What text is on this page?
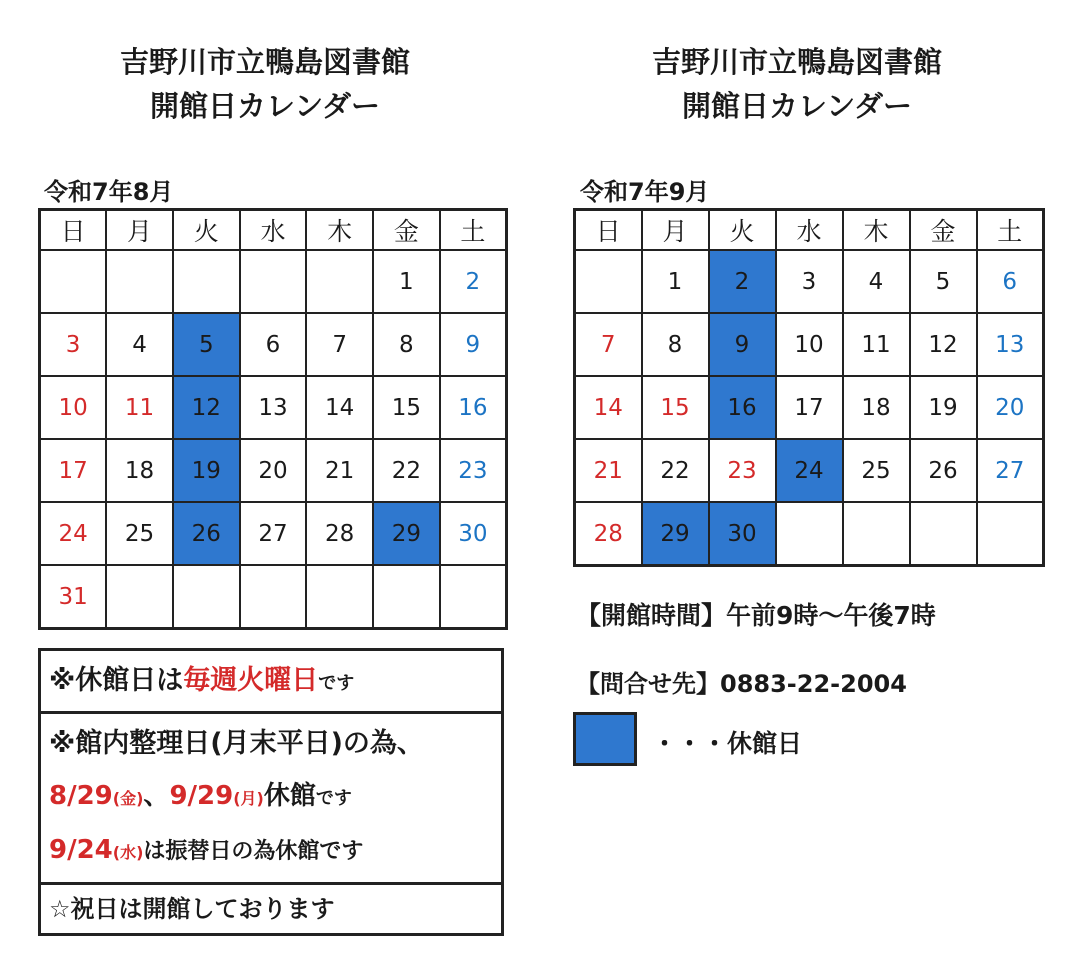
吉野川市立鴨島図書館
開館日カレンダー
令和7年8月
日	月	火	水	木	金	土
					1	2
3	4	5	6	7	8	9
10	11	12	13	14	15	16
17	18	19	20	21	22	23
24	25	26	27	28	29	30
31						
吉野川市立鴨島図書館
開館日カレンダー
令和7年9月
日	月	火	水	木	金	土
	1	2	3	4	5	6
7	8	9	10	11	12	13
14	15	16	17	18	19	20
21	22	23	24	25	26	27
28	29	30				
※休館日は毎週火曜日です
※館内整理日(月末平日)の為、
8/29(金)、9/29(月)休館です
9/24(水)は振替日の為休館です
☆祝日は開館しております
【開館時間】午前9時～午後7時
【問合せ先】0883-22-2004
・・・休館日
